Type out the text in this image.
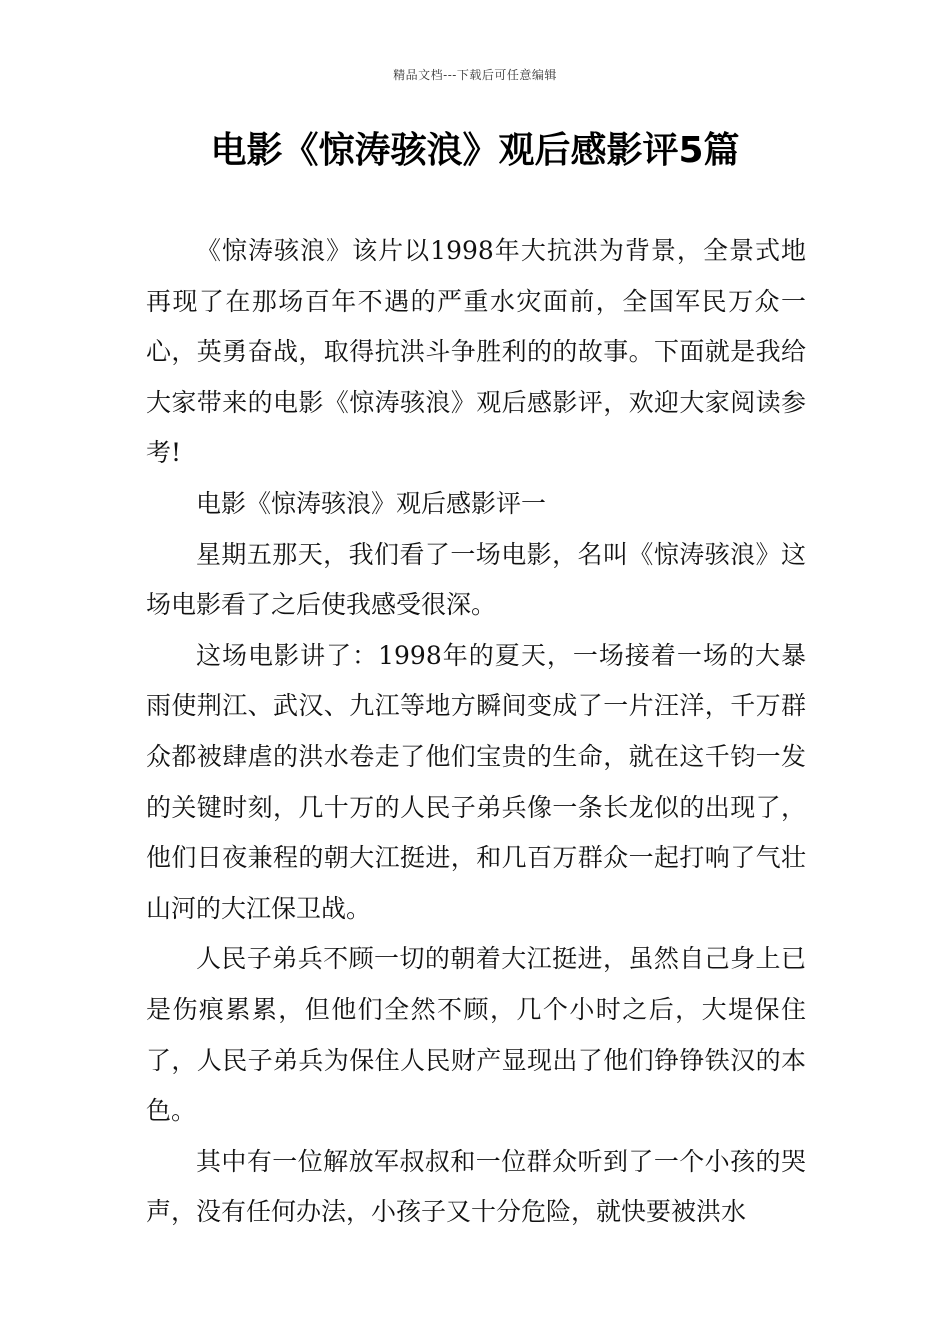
精品文档---下载后可任意编辑
电影《惊涛骇浪》观后感影评5篇

《惊涛骇浪》该片以1998年大抗洪为背景，全景式地再现了在那场百年不遇的严重水灾面前，全国军民万众一心，英勇奋战，取得抗洪斗争胜利的的故事。下面就是我给大家带来的电影《惊涛骇浪》观后感影评，欢迎大家阅读参考!

电影《惊涛骇浪》观后感影评一

星期五那天，我们看了一场电影，名叫《惊涛骇浪》这场电影看了之后使我感受很深。

这场电影讲了：1998年的夏天，一场接着一场的大暴雨使荆江、武汉、九江等地方瞬间变成了一片汪洋，千万群众都被肆虐的洪水卷走了他们宝贵的生命，就在这千钧一发的关键时刻，几十万的人民子弟兵像一条长龙似的出现了，他们日夜兼程的朝大江挺进，和几百万群众一起打响了气壮山河的大江保卫战。

人民子弟兵不顾一切的朝着大江挺进，虽然自己身上已是伤痕累累，但他们全然不顾，几个小时之后，大堤保住了，人民子弟兵为保住人民财产显现出了他们铮铮铁汉的本色。

其中有一位解放军叔叔和一位群众听到了一个小孩的哭声，没有任何办法，小孩子又十分危险，就快要被洪水
